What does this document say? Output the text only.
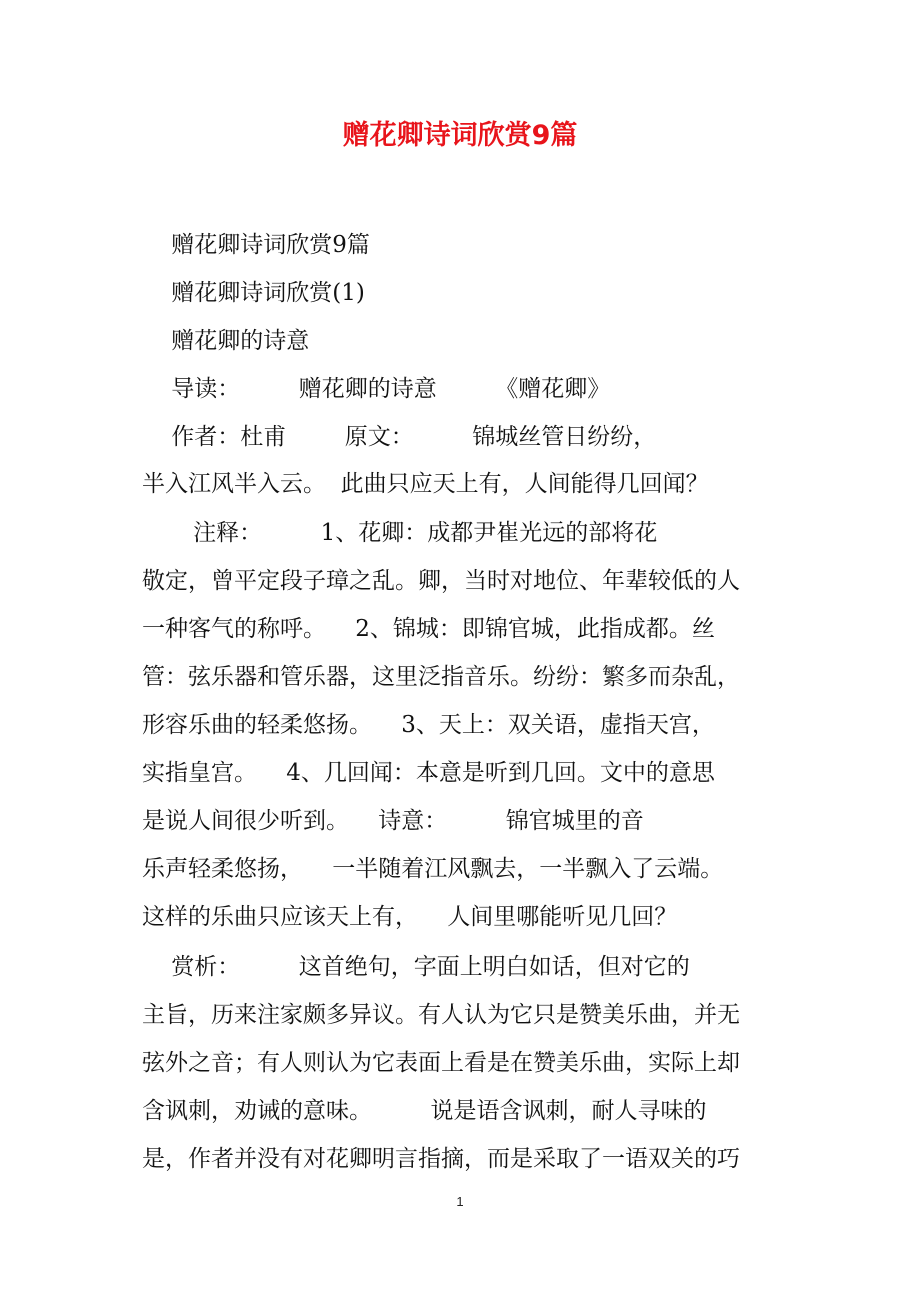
赠花卿诗词欣赏9篇
赠花卿诗词欣赏9篇
赠花卿诗词欣赏(1)
赠花卿的诗意
导读：        赠花卿的诗意        《赠花卿》
作者：杜甫        原文：        锦城丝管日纷纷，
半入江风半入云。  此曲只应天上有，人间能得几回闻？
注释：        1、花卿：成都尹崔光远的部将花
敬定，曾平定段子璋之乱。卿，当时对地位、年辈较低的人
一种客气的称呼。    2、锦城：即锦官城，此指成都。丝
管：弦乐器和管乐器，这里泛指音乐。纷纷：繁多而杂乱，
形容乐曲的轻柔悠扬。    3、天上：双关语，虚指天宫，
实指皇宫。    4、几回闻：本意是听到几回。文中的意思
是说人间很少听到。    诗意：        锦官城里的音
乐声轻柔悠扬，    一半随着江风飘去，一半飘入了云端。
这样的乐曲只应该天上有，    人间里哪能听见几回？
赏析：        这首绝句，字面上明白如话，但对它的
主旨，历来注家颇多异议。有人认为它只是赞美乐曲，并无
弦外之音；有人则认为它表面上看是在赞美乐曲，实际上却
含讽刺，劝诫的意味。        说是语含讽刺，耐人寻味的
是，作者并没有对花卿明言指摘，而是采取了一语双关的巧
1
